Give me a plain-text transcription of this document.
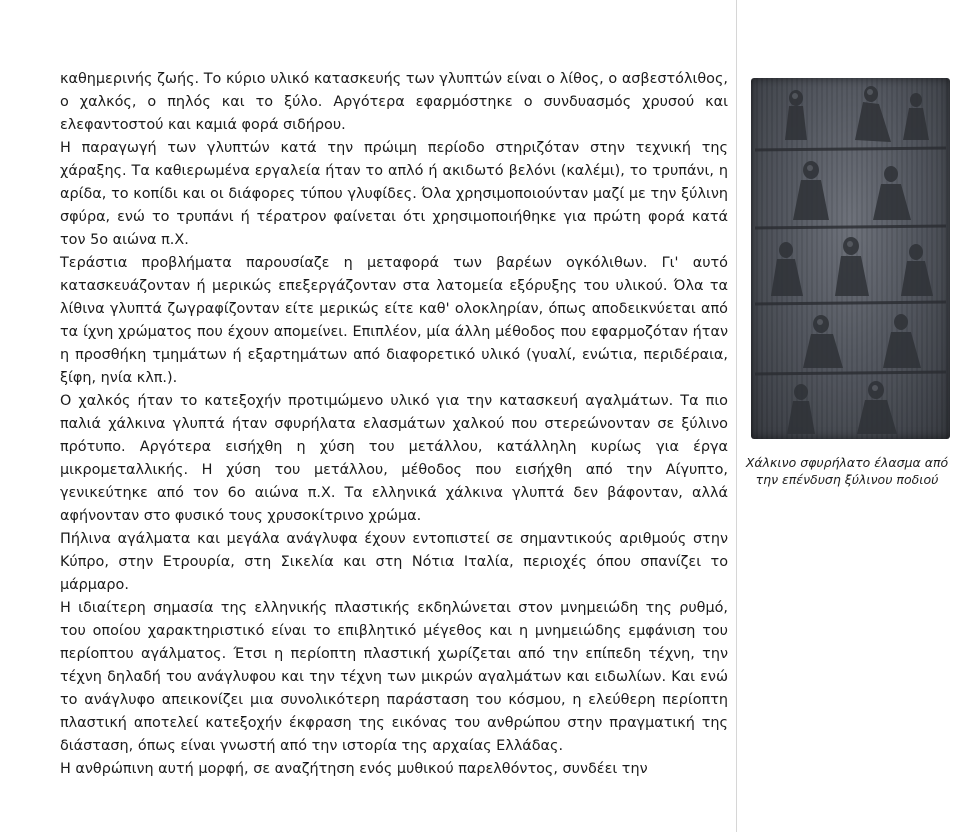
καθημερινής ζωής. Το κύριο υλικό κατασκευής των γλυπτών είναι ο λίθος, ο ασβεστόλιθος, ο χαλκός, ο πηλός και το ξύλο. Αργότερα εφαρμόστηκε ο συνδυασμός χρυσού και ελεφαντοστού και καμιά φορά σιδήρου.

Η παραγωγή των γλυπτών κατά την πρώιμη περίοδο στηριζόταν στην τεχνική της χάραξης. Τα καθιερωμένα εργαλεία ήταν το απλό ή ακιδωτό βελόνι (καλέμι), το τρυπάνι, η αρίδα, το κοπίδι και οι διάφορες τύπου γλυφίδες. Όλα χρησιμοποιούνταν μαζί με την ξύλινη σφύρα, ενώ το τρυπάνι ή τέρατρον φαίνεται ότι χρησιμοποιήθηκε για πρώτη φορά κατά τον 5ο αιώνα π.Χ.

Τεράστια προβλήματα παρουσίαζε η μεταφορά των βαρέων ογκόλιθων. Γι' αυτό κατασκευάζονταν ή μερικώς επεξεργάζονταν στα λατομεία εξόρυξης του υλικού. Όλα τα λίθινα γλυπτά ζωγραφίζονταν είτε μερικώς είτε καθ' ολοκληρίαν, όπως αποδεικνύεται από τα ίχνη χρώματος που έχουν απομείνει. Επιπλέον, μία άλλη μέθοδος που εφαρμοζόταν ήταν η προσθήκη τμημάτων ή εξαρτημάτων από διαφορετικό υλικό (γυαλί, ενώτια, περιδέραια, ξίφη, ηνία κλπ.).

Ο χαλκός ήταν το κατεξοχήν προτιμώμενο υλικό για την κατασκευή αγαλμάτων. Τα πιο παλιά χάλκινα γλυπτά ήταν σφυρήλατα ελασμάτων χαλκού που στερεώνονταν σε ξύλινο πρότυπο. Αργότερα εισήχθη η χύση του μετάλλου, κατάλληλη κυρίως για έργα μικρομεταλλικής. Η χύση του μετάλλου, μέθοδος που εισήχθη από την Αίγυπτο, γενικεύτηκε από τον 6ο αιώνα π.Χ. Τα ελληνικά χάλκινα γλυπτά δεν βάφονταν, αλλά αφήνονταν στο φυσικό τους χρυσοκίτρινο χρώμα.

Πήλινα αγάλματα και μεγάλα ανάγλυφα έχουν εντοπιστεί σε σημαντικούς αριθμούς στην Κύπρο, στην Ετρουρία, στη Σικελία και στη Νότια Ιταλία, περιοχές όπου σπανίζει το μάρμαρο.

Η ιδιαίτερη σημασία της ελληνικής πλαστικής εκδηλώνεται στον μνημειώδη της ρυθμό, του οποίου χαρακτηριστικό είναι το επιβλητικό μέγεθος και η μνημειώδης εμφάνιση του περίοπτου αγάλματος. Έτσι η περίοπτη πλαστική χωρίζεται από την επίπεδη τέχνη, την τέχνη δηλαδή του ανάγλυφου και την τέχνη των μικρών αγαλμάτων και ειδωλίων. Και ενώ το ανάγλυφο απεικονίζει μια συνολικότερη παράσταση του κόσμου, η ελεύθερη περίοπτη πλαστική αποτελεί κατεξοχήν έκφραση της εικόνας του ανθρώπου στην πραγματική της διάσταση, όπως είναι γνωστή από την ιστορία της αρχαίας Ελλάδας.

Η ανθρώπινη αυτή μορφή, σε αναζήτηση ενός μυθικού παρελθόντος, συνδέει την

Χάλκινο σφυρήλατο έλασμα από την επένδυση ξύλινου ποδιού
